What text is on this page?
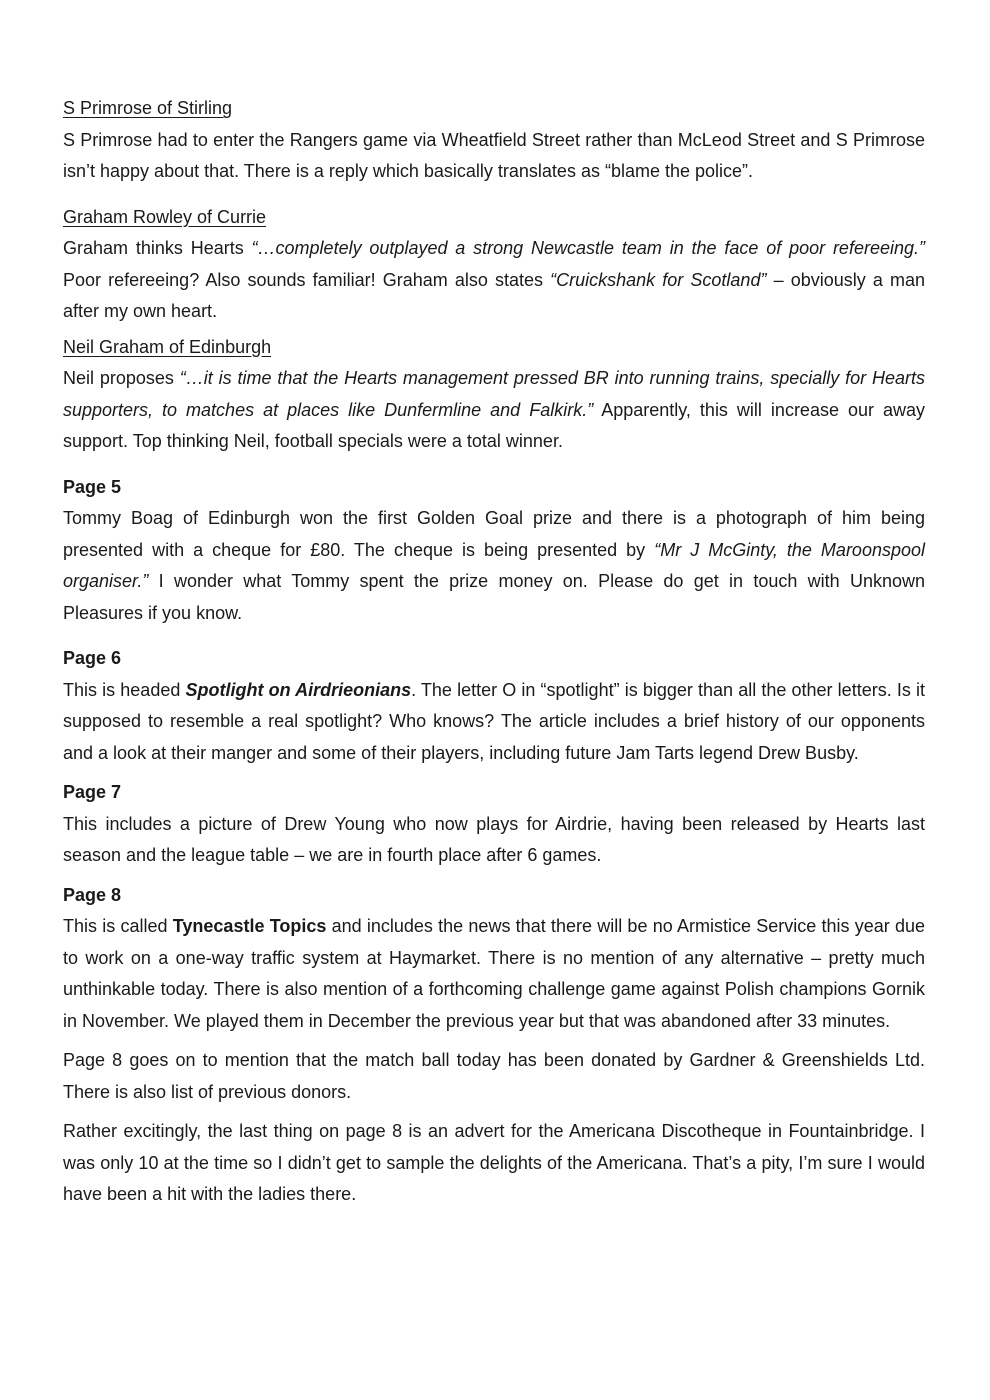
S Primrose of Stirling

S Primrose had to enter the Rangers game via Wheatfield Street rather than McLeod Street and S Primrose isn’t happy about that. There is a reply which basically translates as “blame the police”.

Graham Rowley of Currie

Graham thinks Hearts “…completely outplayed a strong Newcastle team in the face of poor refereeing.” Poor refereeing? Also sounds familiar! Graham also states “Cruickshank for Scotland” – obviously a man after my own heart.

Neil Graham of Edinburgh

Neil proposes “…it is time that the Hearts management pressed BR into running trains, specially for Hearts supporters, to matches at places like Dunfermline and Falkirk.” Apparently, this will increase our away support. Top thinking Neil, football specials were a total winner.

Page 5

Tommy Boag of Edinburgh won the first Golden Goal prize and there is a photograph of him being presented with a cheque for £80. The cheque is being presented by “Mr J McGinty, the Maroonspool organiser.” I wonder what Tommy spent the prize money on. Please do get in touch with Unknown Pleasures if you know.

Page 6

This is headed Spotlight on Airdrieonians. The letter O in “spotlight” is bigger than all the other letters. Is it supposed to resemble a real spotlight? Who knows? The article includes a brief history of our opponents and a look at their manger and some of their players, including future Jam Tarts legend Drew Busby.

Page 7

This includes a picture of Drew Young who now plays for Airdrie, having been released by Hearts last season and the league table – we are in fourth place after 6 games.

Page 8

This is called Tynecastle Topics and includes the news that there will be no Armistice Service this year due to work on a one-way traffic system at Haymarket. There is no mention of any alternative – pretty much unthinkable today. There is also mention of a forthcoming challenge game against Polish champions Gornik in November. We played them in December the previous year but that was abandoned after 33 minutes.

Page 8 goes on to mention that the match ball today has been donated by Gardner & Greenshields Ltd. There is also list of previous donors.

Rather excitingly, the last thing on page 8 is an advert for the Americana Discotheque in Fountainbridge. I was only 10 at the time so I didn’t get to sample the delights of the Americana. That’s a pity, I’m sure I would have been a hit with the ladies there.
